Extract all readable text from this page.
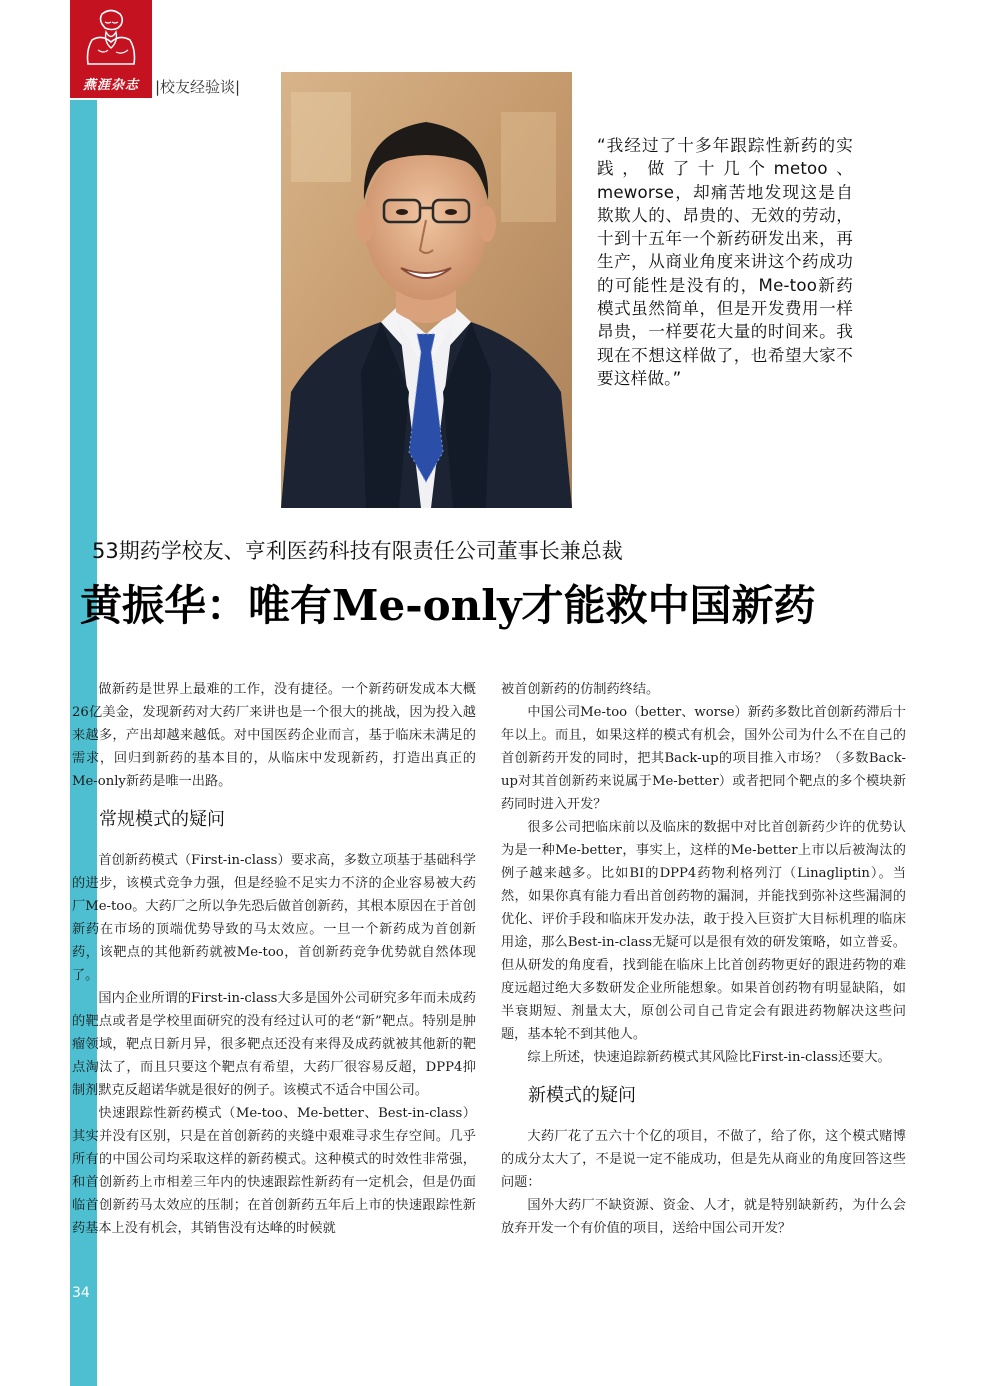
燕涯杂志	|校友经验谈|
“我经过了十多年跟踪性新药的实践，做了十几个metoo、meworse，却痛苦地发现这是自欺欺人的、昂贵的、无效的劳动，十到十五年一个新药研发出来，再生产，从商业角度来讲这个药成功的可能性是没有的，Me-too新药模式虽然简单，但是开发费用一样昂贵，一样要花大量的时间来。我现在不想这样做了，也希望大家不要这样做。”
53期药学校友、亨利医药科技有限责任公司董事长兼总裁
黄振华：唯有Me-only才能救中国新药

做新药是世界上最难的工作，没有捷径。一个新药研发成本大概26亿美金，发现新药对大药厂来讲也是一个很大的挑战，因为投入越来越多，产出却越来越低。对中国医药企业而言，基于临床未满足的需求，回归到新药的基本目的，从临床中发现新药，打造出真正的Me-only新药是唯一出路。

常规模式的疑问

首创新药模式（First-in-class）要求高，多数立项基于基础科学的进步，该模式竞争力强，但是经验不足实力不济的企业容易被大药厂Me-too。大药厂之所以争先恐后做首创新药，其根本原因在于首创新药在市场的顶端优势导致的马太效应。一旦一个新药成为首创新药，该靶点的其他新药就被Me-too，首创新药竞争优势就自然体现了。

国内企业所谓的First-in-class大多是国外公司研究多年而未成药的靶点或者是学校里面研究的没有经过认可的老“新”靶点。特别是肿瘤领域，靶点日新月异，很多靶点还没有来得及成药就被其他新的靶点淘汰了，而且只要这个靶点有希望，大药厂很容易反超，DPP4抑制剂默克反超诺华就是很好的例子。该模式不适合中国公司。

快速跟踪性新药模式（Me-too、Me-better、Best-in-class）其实并没有区别，只是在首创新药的夹缝中艰难寻求生存空间。几乎所有的中国公司均采取这样的新药模式。这种模式的时效性非常强，和首创新药上市相差三年内的快速跟踪性新药有一定机会，但是仍面临首创新药马太效应的压制；在首创新药五年后上市的快速跟踪性新药基本上没有机会，其销售没有达峰的时候就

被首创新药的仿制药终结。

中国公司Me-too（better、worse）新药多数比首创新药滞后十年以上。而且，如果这样的模式有机会，国外公司为什么不在自己的首创新药开发的同时，把其Back-up的项目推入市场？（多数Back-up对其首创新药来说属于Me-better）或者把同个靶点的多个模块新药同时进入开发？

很多公司把临床前以及临床的数据中对比首创新药少许的优势认为是一种Me-better，事实上，这样的Me-better上市以后被淘汰的例子越来越多。比如BI的DPP4药物利格列汀（Linagliptin）。当然，如果你真有能力看出首创药物的漏洞，并能找到弥补这些漏洞的优化、评价手段和临床开发办法，敢于投入巨资扩大目标机理的临床用途，那么Best-in-class无疑可以是很有效的研发策略，如立普妥。但从研发的角度看，找到能在临床上比首创药物更好的跟进药物的难度远超过绝大多数研发企业所能想象。如果首创药物有明显缺陷，如半衰期短、剂量太大，原创公司自己肯定会有跟进药物解决这些问题，基本轮不到其他人。

综上所述，快速追踪新药模式其风险比First-in-class还要大。

新模式的疑问

大药厂花了五六十个亿的项目，不做了，给了你，这个模式赌博的成分太大了，不是说一定不能成功，但是先从商业的角度回答这些问题：

国外大药厂不缺资源、资金、人才，就是特别缺新药，为什么会放弃开发一个有价值的项目，送给中国公司开发？

34
